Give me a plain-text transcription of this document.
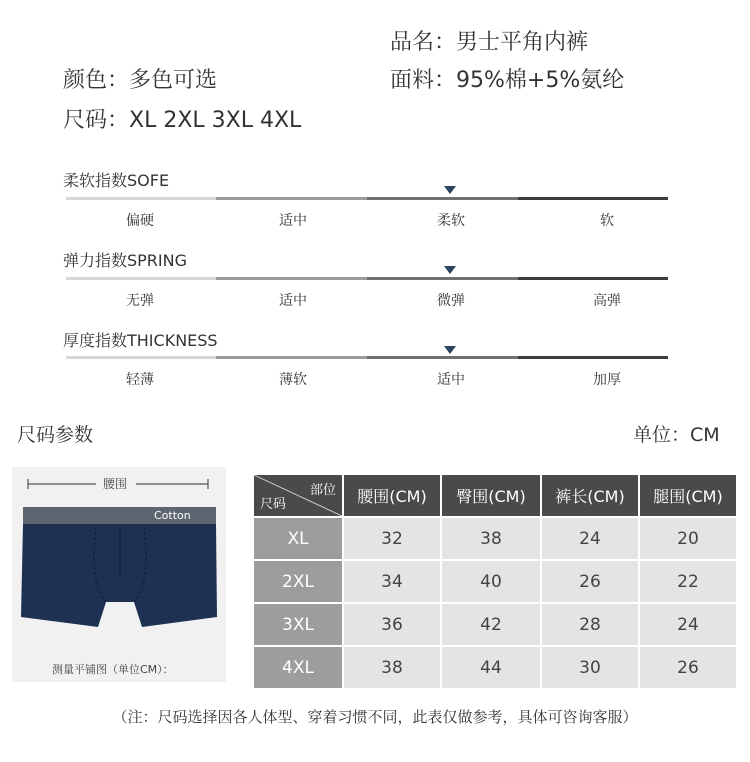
品名：男士平角内裤
颜色：多色可选	面料：95%棉+5%氨纶
尺码：XL 2XL 3XL 4XL
柔软指数SOFE
偏硬	适中	柔软	软
弹力指数SPRING
无弹	适中	微弹	高弹
厚度指数THICKNESS
轻薄	薄软	适中	加厚
尺码参数	单位：CM
腰围
Cotton
测量平铺图（单位CM）：
部位
尺码	腰围(CM)	臀围(CM)	裤长(CM)	腿围(CM)
XL	32	38	24	20
2XL	34	40	26	22
3XL	36	42	28	24
4XL	38	44	30	26
（注：尺码选择因各人体型、穿着习惯不同，此表仅做参考，具体可咨询客服）
